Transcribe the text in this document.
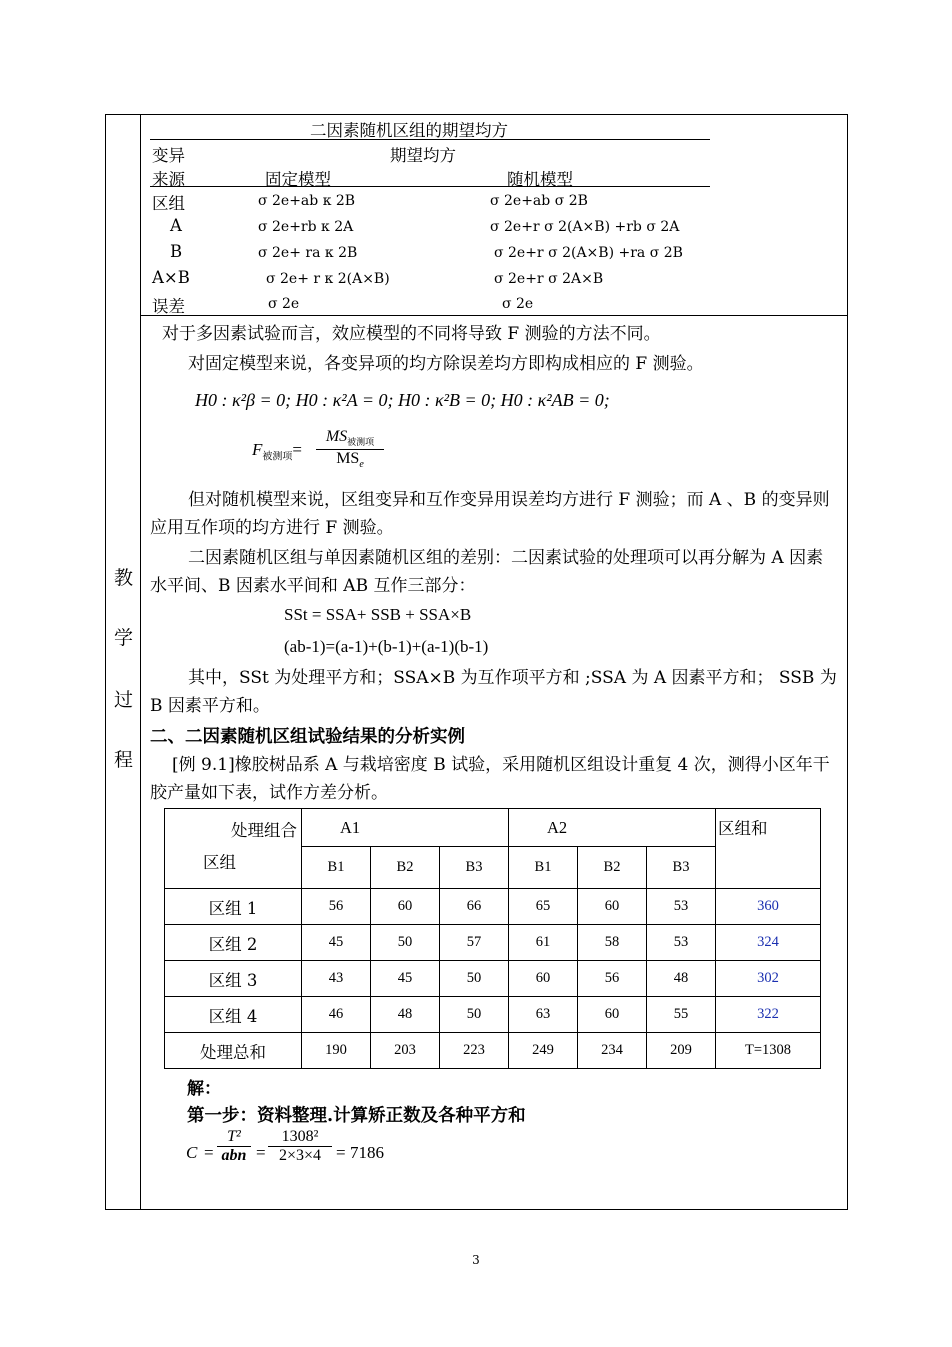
教
学
过
程
二因素随机区组的期望均方
变异	期望均方
来源	固定模型	随机模型
区组	σ 2e+ab κ 2B	σ 2e+ab σ 2B
A	σ 2e+rb κ 2A	σ 2e+r σ 2(A×B) +rb σ 2A
B	σ 2e+ ra κ 2B	σ 2e+r σ 2(A×B) +ra σ 2B
A×B	σ 2e+ r κ 2(A×B)	σ 2e+r σ 2A×B
误差	σ 2e	σ 2e
对于多因素试验而言，效应模型的不同将导致 F 测验的方法不同。
对固定模型来说，各变异项的均方除误差均方即构成相应的 F 测验。
H0 : κ²β = 0; H0 : κ²A = 0; H0 : κ²B = 0; H0 : κ²AB = 0;
$F_{被测项}=$
$MS_{被测项}$
$MS_e$
但对随机模型来说，区组变异和互作变异用误差均方进行 F 测验；而 A 、B 的变异则应用互作项的均方进行 F 测验。
二因素随机区组与单因素随机区组的差别：二因素试验的处理项可以再分解为 A 因素水平间、B 因素水平间和 AB 互作三部分：
SSt = SSA+ SSB + SSA×B
(ab-1)=(a-1)+(b-1)+(a-1)(b-1)
其中，SSt 为处理平方和；SSA×B 为互作项平方和 ;SSA 为 A 因素平方和； SSB 为 B 因素平方和。
二、二因素随机区组试验结果的分析实例
[例 9.1]橡胶树品系 A 与栽培密度 B 试验，采用随机区组设计重复 4 次，测得小区年干胶产量如下表，试作方差分析。
处理组合
区组	A1			A2			区组和
	B1	B2	B3	B1	B2	B3	
区组 1	56	60	66	65	60	53	360
区组 2	45	50	57	61	58	53	324
区组 3	43	45	50	60	56	48	302
区组 4	46	48	50	63	60	55	322
处理总和	190	203	223	249	234	209	T=1308
解：
第一步：资料整理.计算矫正数及各种平方和
C =
T²
abn = $\frac{\text{1308²}}{2\times 3\times 4} = 7186$
3
